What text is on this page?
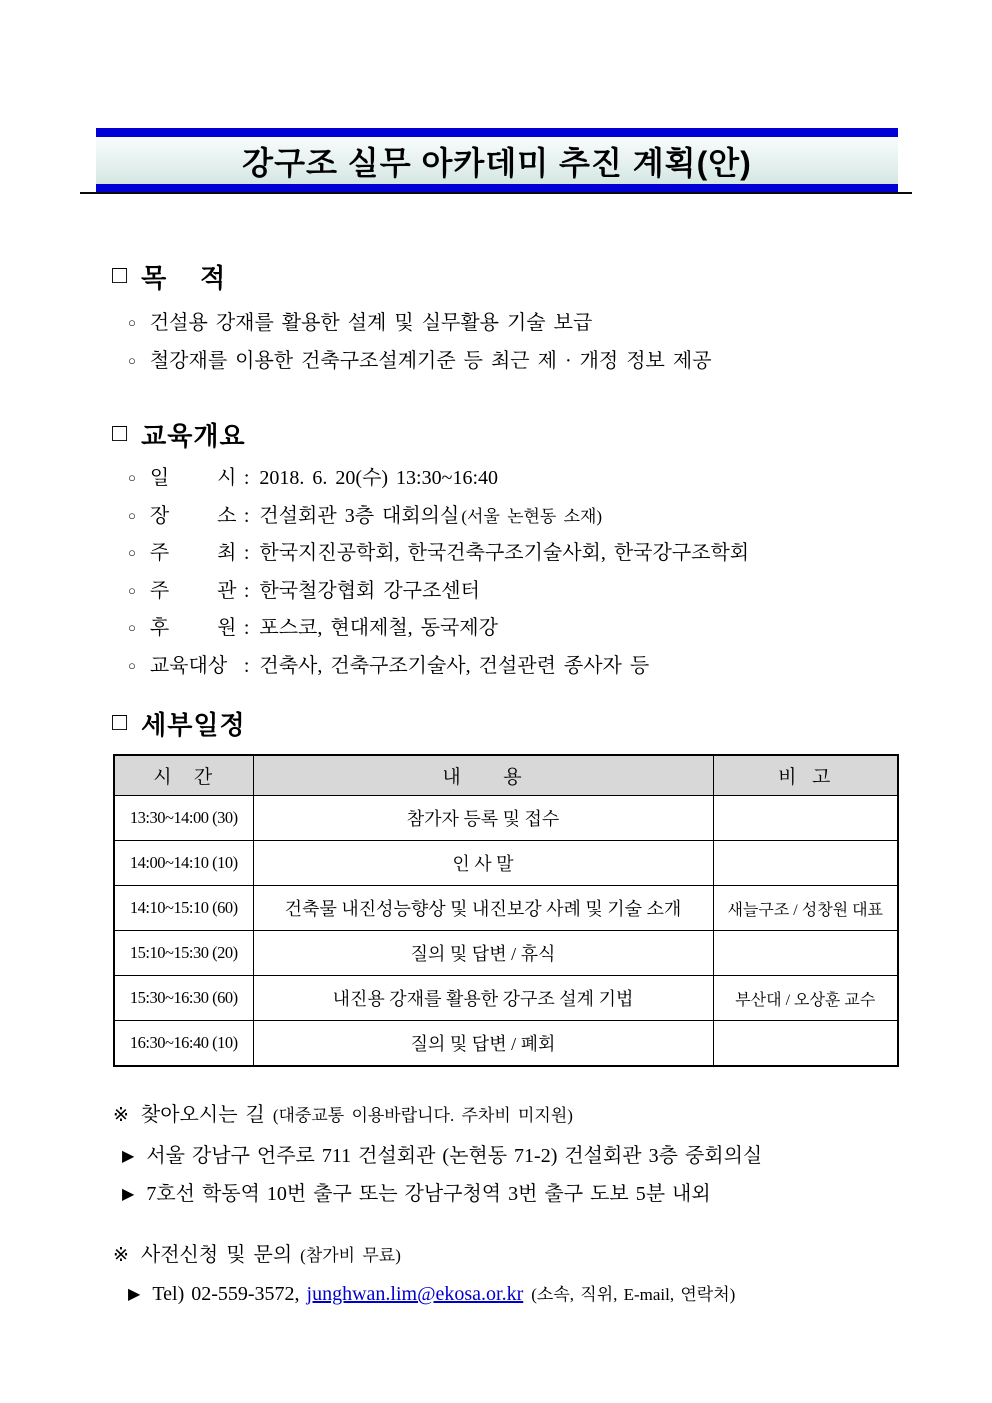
강구조 실무 아카데미 추진 계획(안)
□ 목    적
○ 건설용 강재를 활용한 설계 및 실무활용 기술 보급
○ 철강재를 이용한 건축구조설계기준 등 최근 제 · 개정 정보 제공
□ 교육개요
○ 일      시 : 2018. 6. 20(수) 13:30~16:40
○ 장      소 : 건설회관 3층 대회의실 (서울 논현동 소재)
○ 주      최 : 한국지진공학회, 한국건축구조기술사회, 한국강구조학회
○ 주      관 : 한국철강협회 강구조센터
○ 후      원 : 포스코, 현대제철, 동국제강
○ 교육대상 : 건축사, 건축구조기술사, 건설관련 종사자 등
□ 세부일정
시   간	내      용	비  고
13:30~14:00 (30)	참가자 등록 및 접수	
14:00~14:10 (10)	인 사 말	
14:10~15:10 (60)	건축물 내진성능향상 및 내진보강 사례 및 기술 소개	새늘구조 / 성창원 대표
15:10~15:30 (20)	질의 및 답변 / 휴식	
15:30~16:30 (60)	내진용 강재를 활용한 강구조 설계 기법	부산대 / 오상훈 교수
16:30~16:40 (10)	질의 및 답변 / 폐회	
※ 찾아오시는 길 (대중교통 이용바랍니다. 주차비 미지원)
▶ 서울 강남구 언주로 711 건설회관 (논현동 71-2) 건설회관 3층 중회의실
▶ 7호선 학동역 10번 출구 또는 강남구청역 3번 출구 도보 5분 내외
※ 사전신청 및 문의 (참가비 무료)
▶ Tel) 02-559-3572,
junghwan.lim@ekosa.or.kr (소속, 직위, E-mail, 연락처)
